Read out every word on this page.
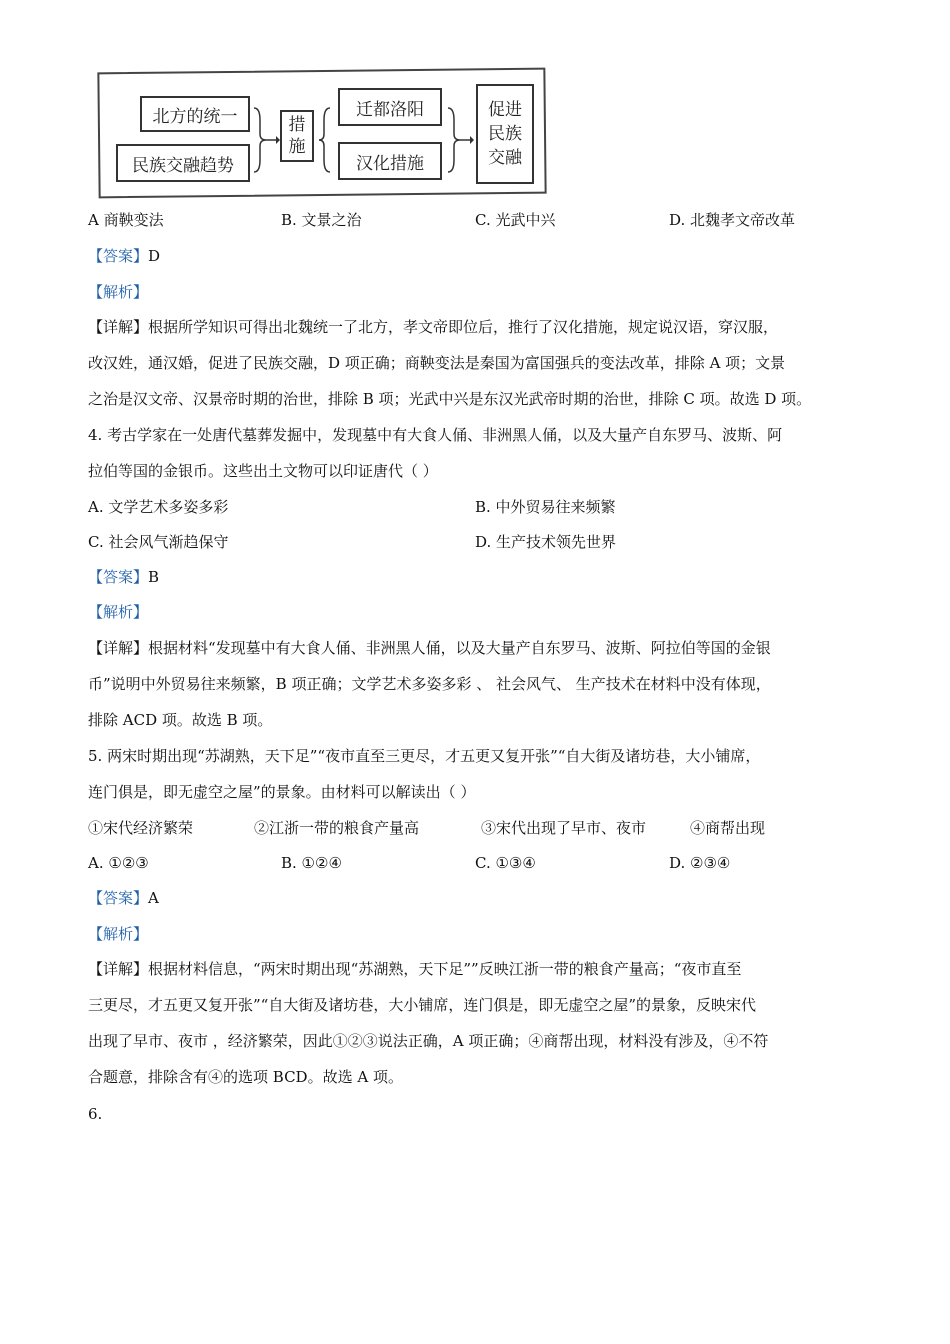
北方的统一
民族交融趋势
措
施
迁都洛阳
汉化措施
促进
民族
交融
A 商鞅变法	B. 文景之治	C. 光武中兴	D. 北魏孝文帝改革
【答案】D
【解析】
【详解】根据所学知识可得出北魏统一了北方，孝文帝即位后，推行了汉化措施，规定说汉语，穿汉服，
改汉姓，通汉婚，促进了民族交融，D 项正确；商鞅变法是秦国为富国强兵的变法改革，排除 A 项；文景
之治是汉文帝、汉景帝时期的治世，排除 B 项；光武中兴是东汉光武帝时期的治世，排除 C 项。故选 D 项。
4. 考古学家在一处唐代墓葬发掘中，发现墓中有大食人俑、非洲黑人俑，以及大量产自东罗马、波斯、阿
拉伯等国的金银币。这些出土文物可以印证唐代（ ）
A. 文学艺术多姿多彩	B. 中外贸易往来频繁
C. 社会风气渐趋保守	D. 生产技术领先世界
【答案】B
【解析】
【详解】根据材料“发现墓中有大食人俑、非洲黑人俑，以及大量产自东罗马、波斯、阿拉伯等国的金银
币”说明中外贸易往来频繁，B 项正确；文学艺术多姿多彩 、 社会风气、 生产技术在材料中没有体现，
排除 ACD 项。故选 B 项。
5. 两宋时期出现“苏湖熟，天下足”“夜市直至三更尽，才五更又复开张”“自大街及诸坊巷，大小铺席，
连门俱是，即无虚空之屋”的景象。由材料可以解读出（ ）
①宋代经济繁荣	②江浙一带的粮食产量高	③宋代出现了早市、夜市	④商帮出现
A. ①②③	B. ①②④	C. ①③④	D. ②③④
【答案】A
【解析】
【详解】根据材料信息，“两宋时期出现“苏湖熟，天下足””反映江浙一带的粮食产量高；“夜市直至
三更尽，才五更又复开张”“自大街及诸坊巷，大小铺席，连门俱是，即无虚空之屋”的景象，反映宋代
出现了早市、夜市 ，经济繁荣，因此①②③说法正确，A 项正确；④商帮出现，材料没有涉及，④不符
合题意，排除含有④的选项 BCD。故选 A 项。
6.
